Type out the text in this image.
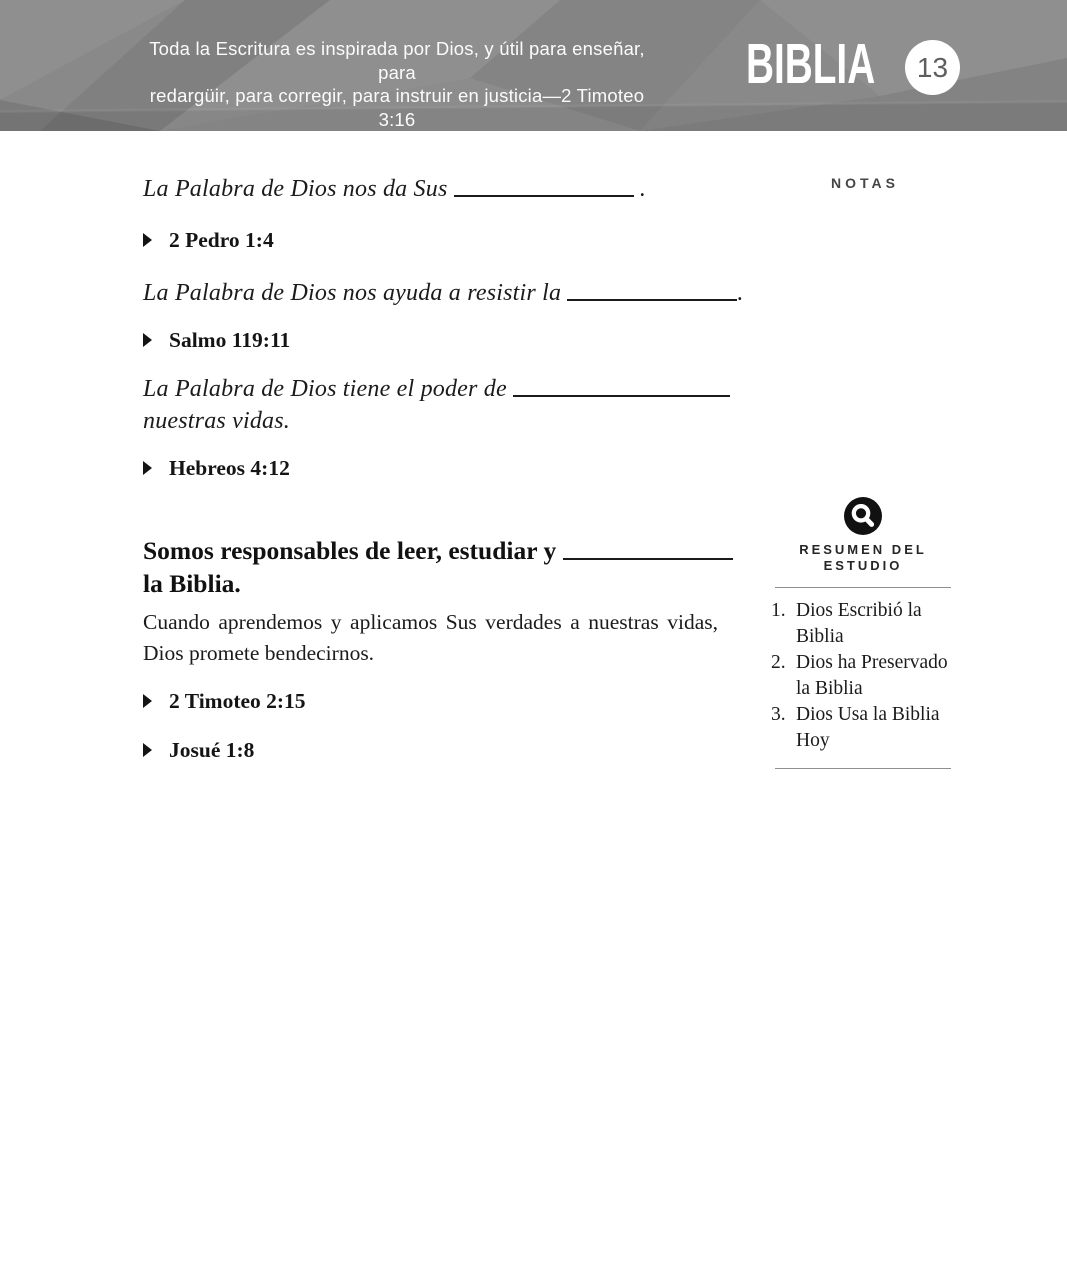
Toda la Escritura es inspirada por Dios, y útil para enseñar, para
redargüir, para corregir, para instruir en justicia—2 Timoteo 3:16
BIBLIA 13
La Palabra de Dios nos da Sus	.
2 Pedro 1:4
La Palabra de Dios nos ayuda a resistir la	.
Salmo 119:11
La Palabra de Dios tiene el poder de
nuestras vidas.
Hebreos 4:12
Somos responsables de leer, estudiar y
la Biblia.
Cuando aprendemos y aplicamos Sus verdades a nuestras vidas, Dios promete bendecirnos.
2 Timoteo 2:15
Josué 1:8
NOTAS
RESUMEN DEL
ESTUDIO
1. Dios Escribió la Biblia
2. Dios ha Preservado la Biblia
3. Dios Usa la Biblia Hoy
